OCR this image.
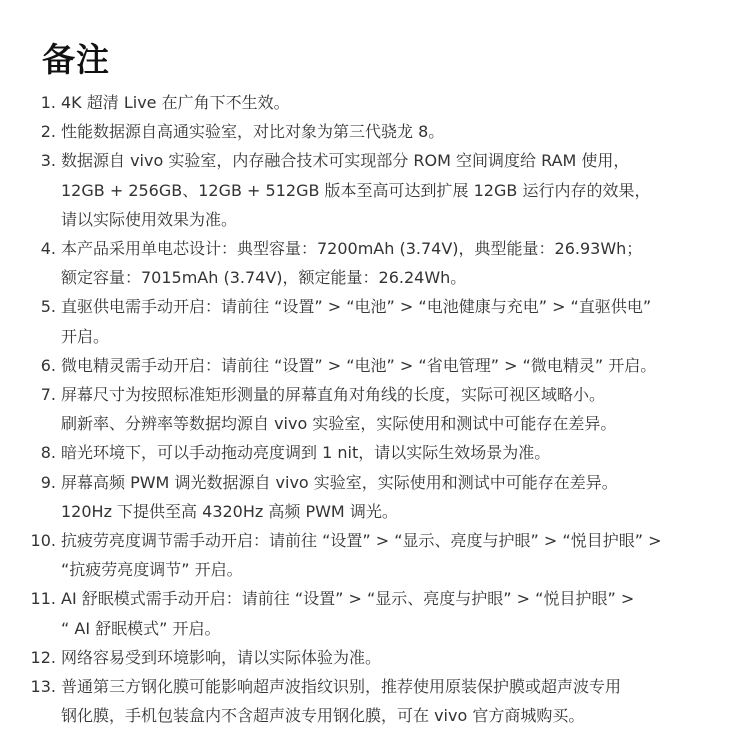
备注
1. 4K 超清 Live 在广角下不生效。
2. 性能数据源自高通实验室，对比对象为第三代骁龙 8。
3. 数据源自 vivo 实验室，内存融合技术可实现部分 ROM 空间调度给 RAM 使用，
12GB + 256GB、12GB + 512GB 版本至高可达到扩展 12GB 运行内存的效果，
请以实际使用效果为准。
4. 本产品采用单电芯设计：典型容量：7200mAh (3.74V)，典型能量：26.93Wh；
额定容量：7015mAh (3.74V)，额定能量：26.24Wh。
5. 直驱供电需手动开启：请前往 “设置” > “电池” > “电池健康与充电” > “直驱供电”
开启。
6. 微电精灵需手动开启：请前往 “设置” > “电池” > “省电管理” > “微电精灵” 开启。
7. 屏幕尺寸为按照标准矩形测量的屏幕直角对角线的长度，实际可视区域略小。
刷新率、分辨率等数据均源自 vivo 实验室，实际使用和测试中可能存在差异。
8. 暗光环境下，可以手动拖动亮度调到 1 nit，请以实际生效场景为准。
9. 屏幕高频 PWM 调光数据源自 vivo 实验室，实际使用和测试中可能存在差异。
120Hz 下提供至高 4320Hz 高频 PWM 调光。
10. 抗疲劳亮度调节需手动开启：请前往 “设置” > “显示、亮度与护眼” > “悦目护眼” >
“抗疲劳亮度调节” 开启。
11. AI 舒眠模式需手动开启：请前往 “设置” > “显示、亮度与护眼” > “悦目护眼” >
“ AI 舒眠模式” 开启。
12. 网络容易受到环境影响，请以实际体验为准。
13. 普通第三方钢化膜可能影响超声波指纹识别，推荐使用原装保护膜或超声波专用
钢化膜，手机包装盒内不含超声波专用钢化膜，可在 vivo 官方商城购买。
